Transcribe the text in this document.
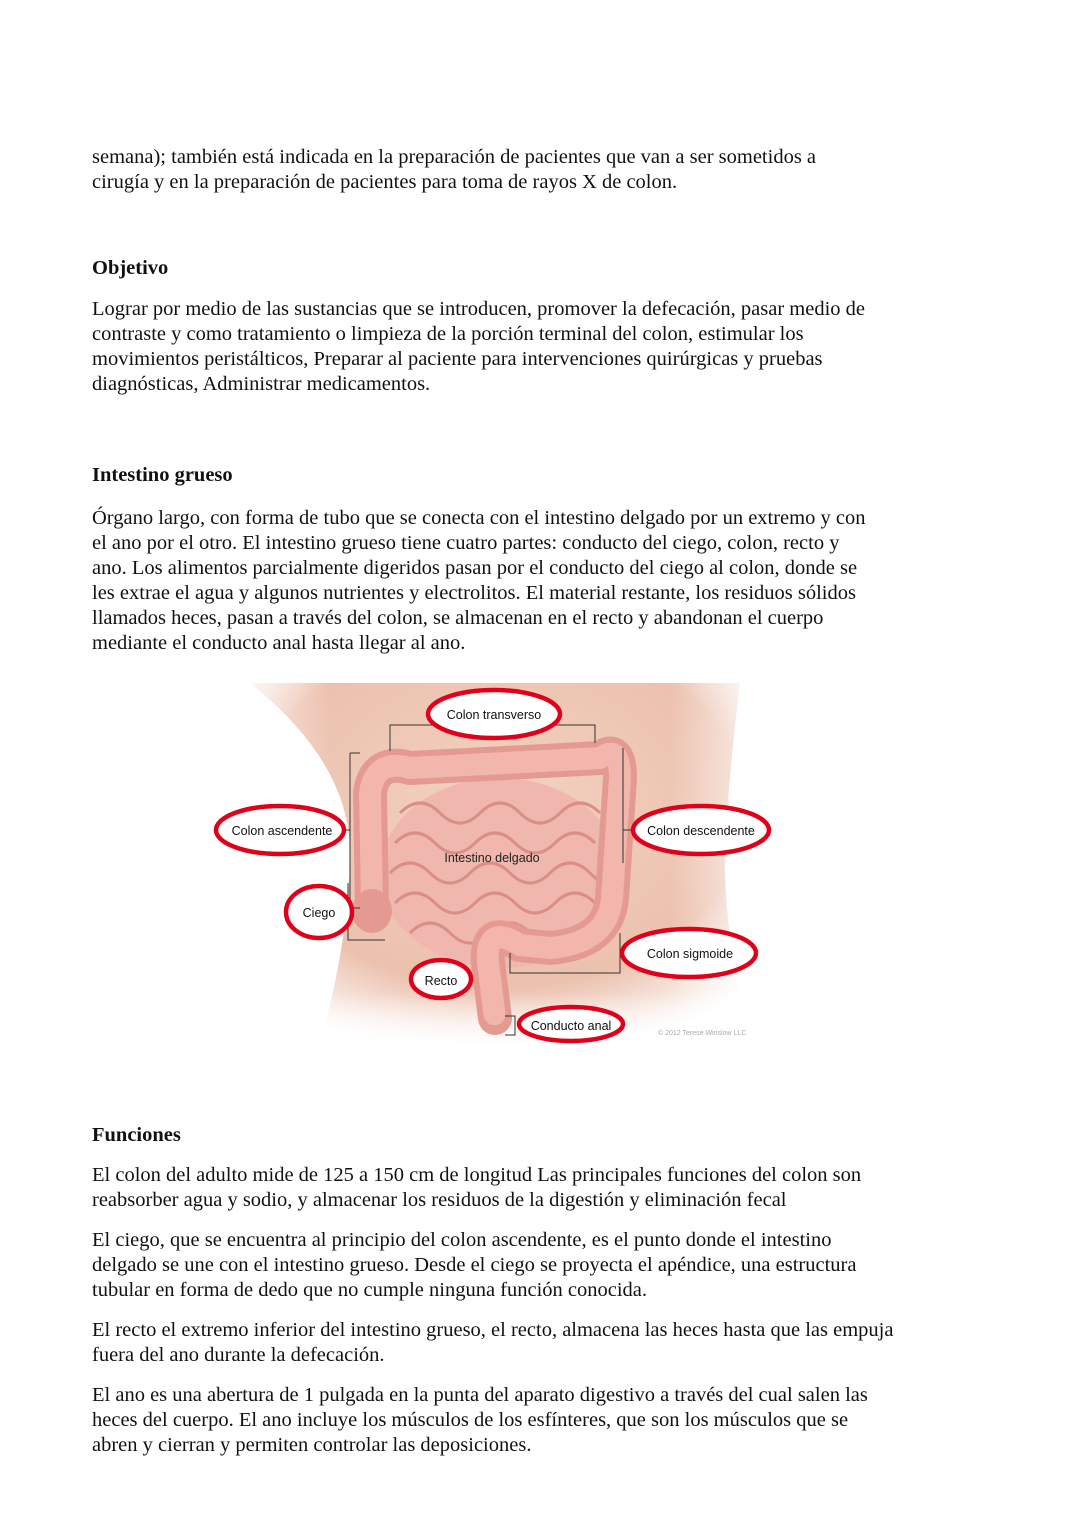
semana); también está indicada en la preparación de pacientes que van a ser sometidos a
cirugía y en la preparación de pacientes para toma de rayos X de colon.

Objetivo

Lograr por medio de las sustancias que se introducen, promover la defecación, pasar medio de
contraste y como tratamiento o limpieza de la porción terminal del colon, estimular los
movimientos peristálticos, Preparar al paciente para intervenciones quirúrgicas y pruebas
diagnósticas, Administrar medicamentos.

Intestino grueso

Órgano largo, con forma de tubo que se conecta con el intestino delgado por un extremo y con
el ano por el otro. El intestino grueso tiene cuatro partes: conducto del ciego, colon, recto y
ano. Los alimentos parcialmente digeridos pasan por el conducto del ciego al colon, donde se
les extrae el agua y algunos nutrientes y electrolitos. El material restante, los residuos sólidos
llamados heces, pasan a través del colon, se almacenan en el recto y abandonan el cuerpo
mediante el conducto anal hasta llegar al ano.

Colon transverso
Colon ascendente	Colon descendente
Intestino delgado
Ciego
Colon sigmoide
Recto
Conducto anal
© 2012 Terese Winslow LLC
Funciones

El colon del adulto mide de 125 a 150 cm de longitud Las principales funciones del colon son
reabsorber agua y sodio, y almacenar los residuos de la digestión y eliminación fecal

El ciego, que se encuentra al principio del colon ascendente, es el punto donde el intestino
delgado se une con el intestino grueso. Desde el ciego se proyecta el apéndice, una estructura
tubular en forma de dedo que no cumple ninguna función conocida.

El recto el extremo inferior del intestino grueso, el recto, almacena las heces hasta que las empuja
fuera del ano durante la defecación.

El ano es una abertura de 1 pulgada en la punta del aparato digestivo a través del cual salen las
heces del cuerpo. El ano incluye los músculos de los esfínteres, que son los músculos que se
abren y cierran y permiten controlar las deposiciones.
